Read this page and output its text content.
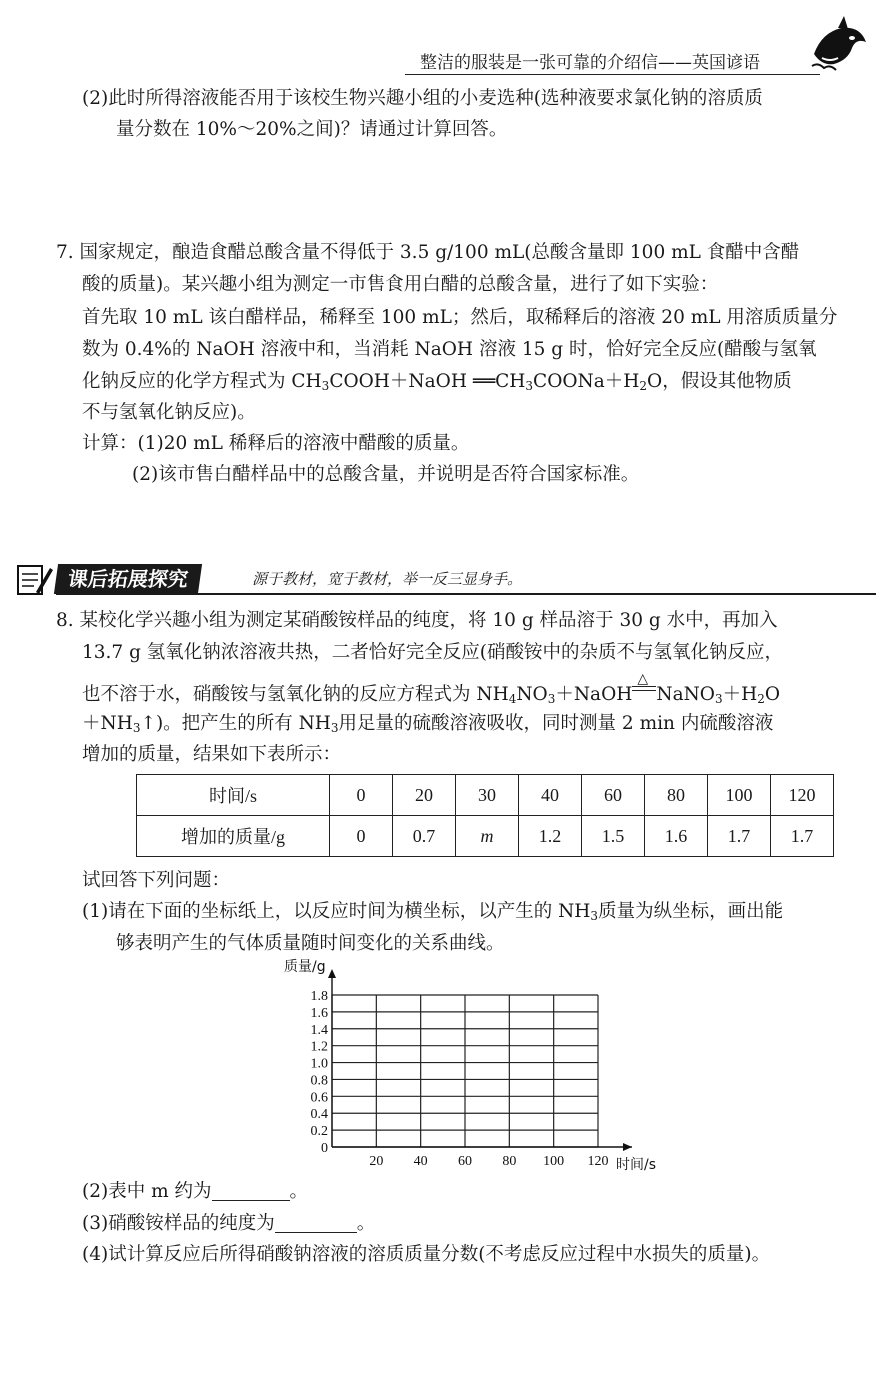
整洁的服装是一张可靠的介绍信——英国谚语
(2)此时所得溶液能否用于该校生物兴趣小组的小麦选种(选种液要求氯化钠的溶质质
量分数在 10%～20%之间)？请通过计算回答。
7. 国家规定，酿造食醋总酸含量不得低于 3.5 g/100 mL(总酸含量即 100 mL 食醋中含醋
酸的质量)。某兴趣小组为测定一市售食用白醋的总酸含量，进行了如下实验：
首先取 10 mL 该白醋样品，稀释至 100 mL；然后，取稀释后的溶液 20 mL 用溶质质量分
数为 0.4%的 NaOH 溶液中和，当消耗 NaOH 溶液 15 g 时，恰好完全反应(醋酸与氢氧
化钠反应的化学方程式为 $CH_3COOH+NaOH$ $══CH_3COONa+H_2O$，假设其他物质
不与氢氧化钠反应)。
计算：(1)20 mL 稀释后的溶液中醋酸的质量。
(2)该市售白醋样品中的总酸含量，并说明是否符合国家标准。
课后拓展探究	源于教材，宽于教材，举一反三显身手。
8. 某校化学兴趣小组为测定某硝酸铵样品的纯度，将 10 g 样品溶于 30 g 水中，再加入
13.7 g 氢氧化钠浓溶液共热，二者恰好完全反应(硝酸铵中的杂质不与氢氧化钠反应，
也不溶于水，硝酸铵与氢氧化钠的反应方程式为 $NH_4NO_3+NaOH$
△
$NaNO_3+H_2O$
$+NH_3↑$)。把产生的所有 $NH_3$用足量的硫酸溶液吸收，同时测量 2 min 内硫酸溶液
增加的质量，结果如下表所示：
时间/s	0	20	30	40	60	80	100	120
增加的质量/g	0	0.7	m	1.2	1.5	1.6	1.7	1.7
试回答下列问题：
(1)请在下面的坐标纸上，以反应时间为横坐标，以产生的 $NH_3$质量为纵坐标，画出能
够表明产生的气体质量随时间变化的关系曲线。
1.8
1.6
1.4
1.2
1.0
0.8
0.6
0.4
0.2
0
20 40 60 80 100 120
质量/g
时间/s
(2)表中 m 约为	。
(3)硝酸铵样品的纯度为	。
(4)试计算反应后所得硝酸钠溶液的溶质质量分数(不考虑反应过程中水损失的质量)。
